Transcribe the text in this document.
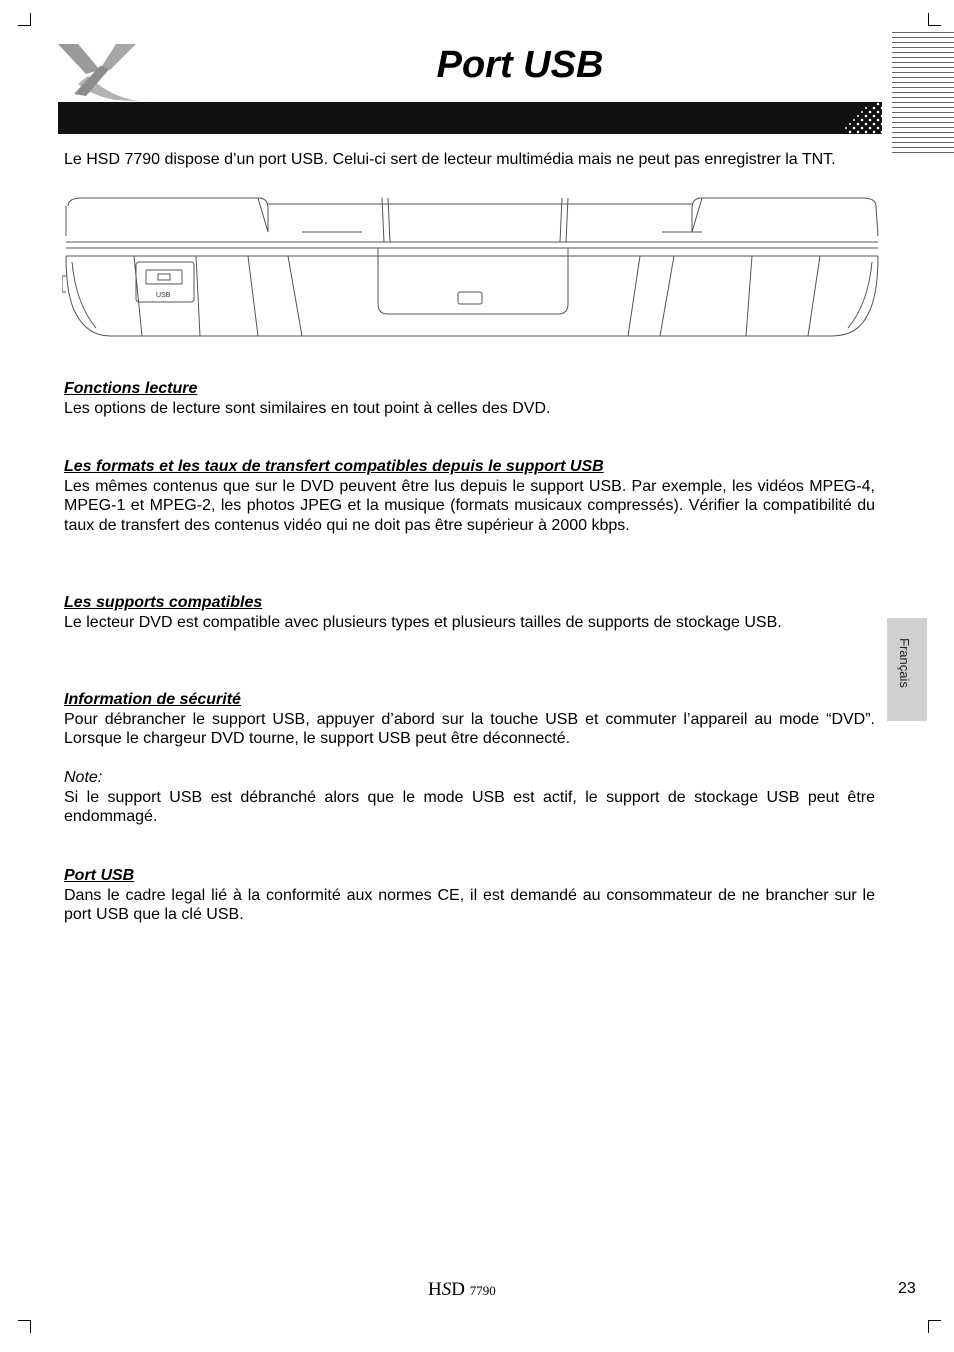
Port USB
Le HSD 7790 dispose d’un port USB. Celui-ci sert de lecteur multimédia mais ne peut pas enregistrer la TNT.
USB
Fonctions lecture
Les options de lecture sont similaires en tout point à celles des DVD.
Les formats et les taux de transfert compatibles depuis le support USB
Les mêmes contenus que sur le DVD peuvent être lus depuis le support USB. Par exemple, les vidéos MPEG-4, MPEG-1 et MPEG-2, les photos JPEG et la musique (formats musicaux compressés). Vérifier la compatibilité du taux de transfert des contenus vidéo qui ne doit pas être supérieur à 2000 kbps.
Les supports compatibles
Le lecteur DVD est compatible avec plusieurs types et plusieurs tailles de supports de stockage USB.
Information de sécurité
Pour débrancher le support USB, appuyer d’abord sur la touche USB et commuter l’appareil au mode “DVD”. Lorsque le chargeur DVD tourne, le support USB peut être déconnecté.
Note:
Si le support USB est débranché alors que le mode USB est actif, le support de stockage USB peut être endommagé.
Port USB
Dans le cadre legal lié à la conformité aux normes CE, il est demandé au consommateur de ne brancher sur le port USB que la clé USB.
Français
HSD 7790	23
